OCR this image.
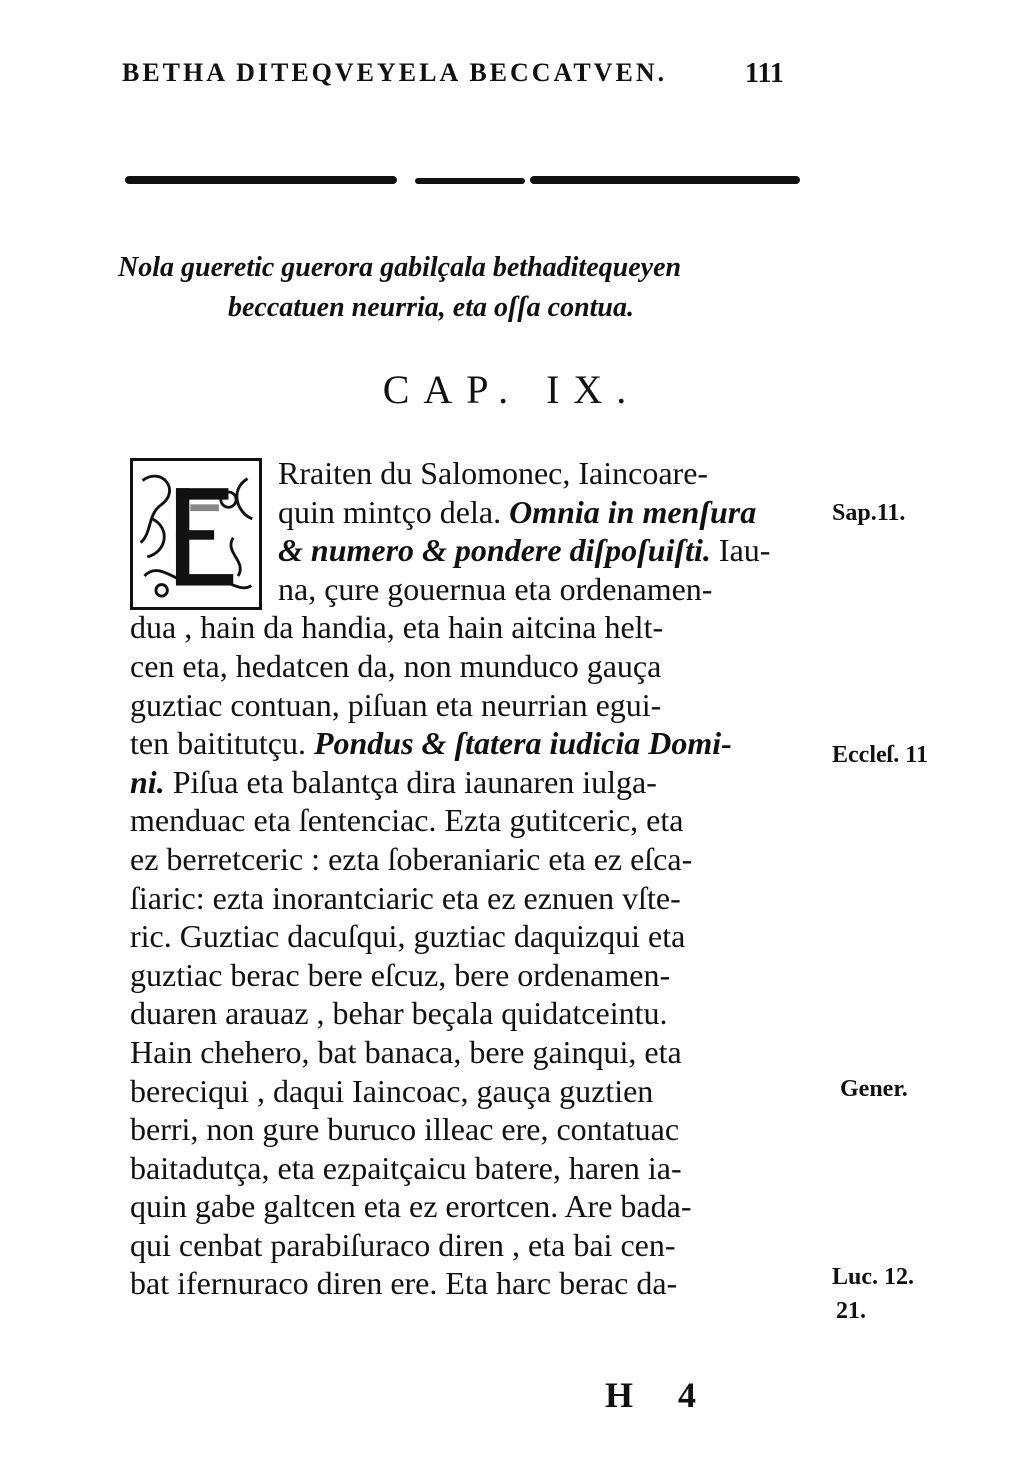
BETHA DITEQVEYELA BECCATVEN.	111
Nola gueretic guerora gabilçala bethaditequeyen
beccatuen neurria, eta oſſa contua.
CAP. IX.
Rraiten du Salomonec, Iaincoare-
quin mintço dela. Omnia in menſura
& numero & pondere diſpoſuiſti. Iau-
na, çure gouernua eta ordenamen-
dua , hain da handia, eta hain aitcina helt-
cen eta, hedatcen da, non munduco gauça
guztiac contuan, piſuan eta neurrian egui-
ten baititutçu. Pondus & ſtatera iudicia Domi-
ni. Piſua eta balantça dira iaunaren iulga-
menduac eta ſentenciac. Ezta gutitceric, eta
ez berretceric : ezta ſoberaniaric eta ez eſca-
ſiaric: ezta inorantciaric eta ez eznuen vſte-
ric. Guztiac dacuſqui, guztiac daquizqui eta
guztiac berac bere eſcuz, bere ordenamen-
duaren arauaz , behar beçala quidatceintu.
Hain chehero, bat banaca, bere gainqui, eta
bereciqui , daqui Iaincoac, gauça guztien
berri, non gure buruco illeac ere, contatuac
baitadutça, eta ezpaitçaicu batere, haren ia-
quin gabe galtcen eta ez erortcen. Are bada-
qui cenbat parabiſuraco diren , eta bai cen-
bat ifernuraco diren ere. Eta harc berac da-
Sap.11.
Eccleſ. 11
Gener.
Luc. 12.
21.
H 4
